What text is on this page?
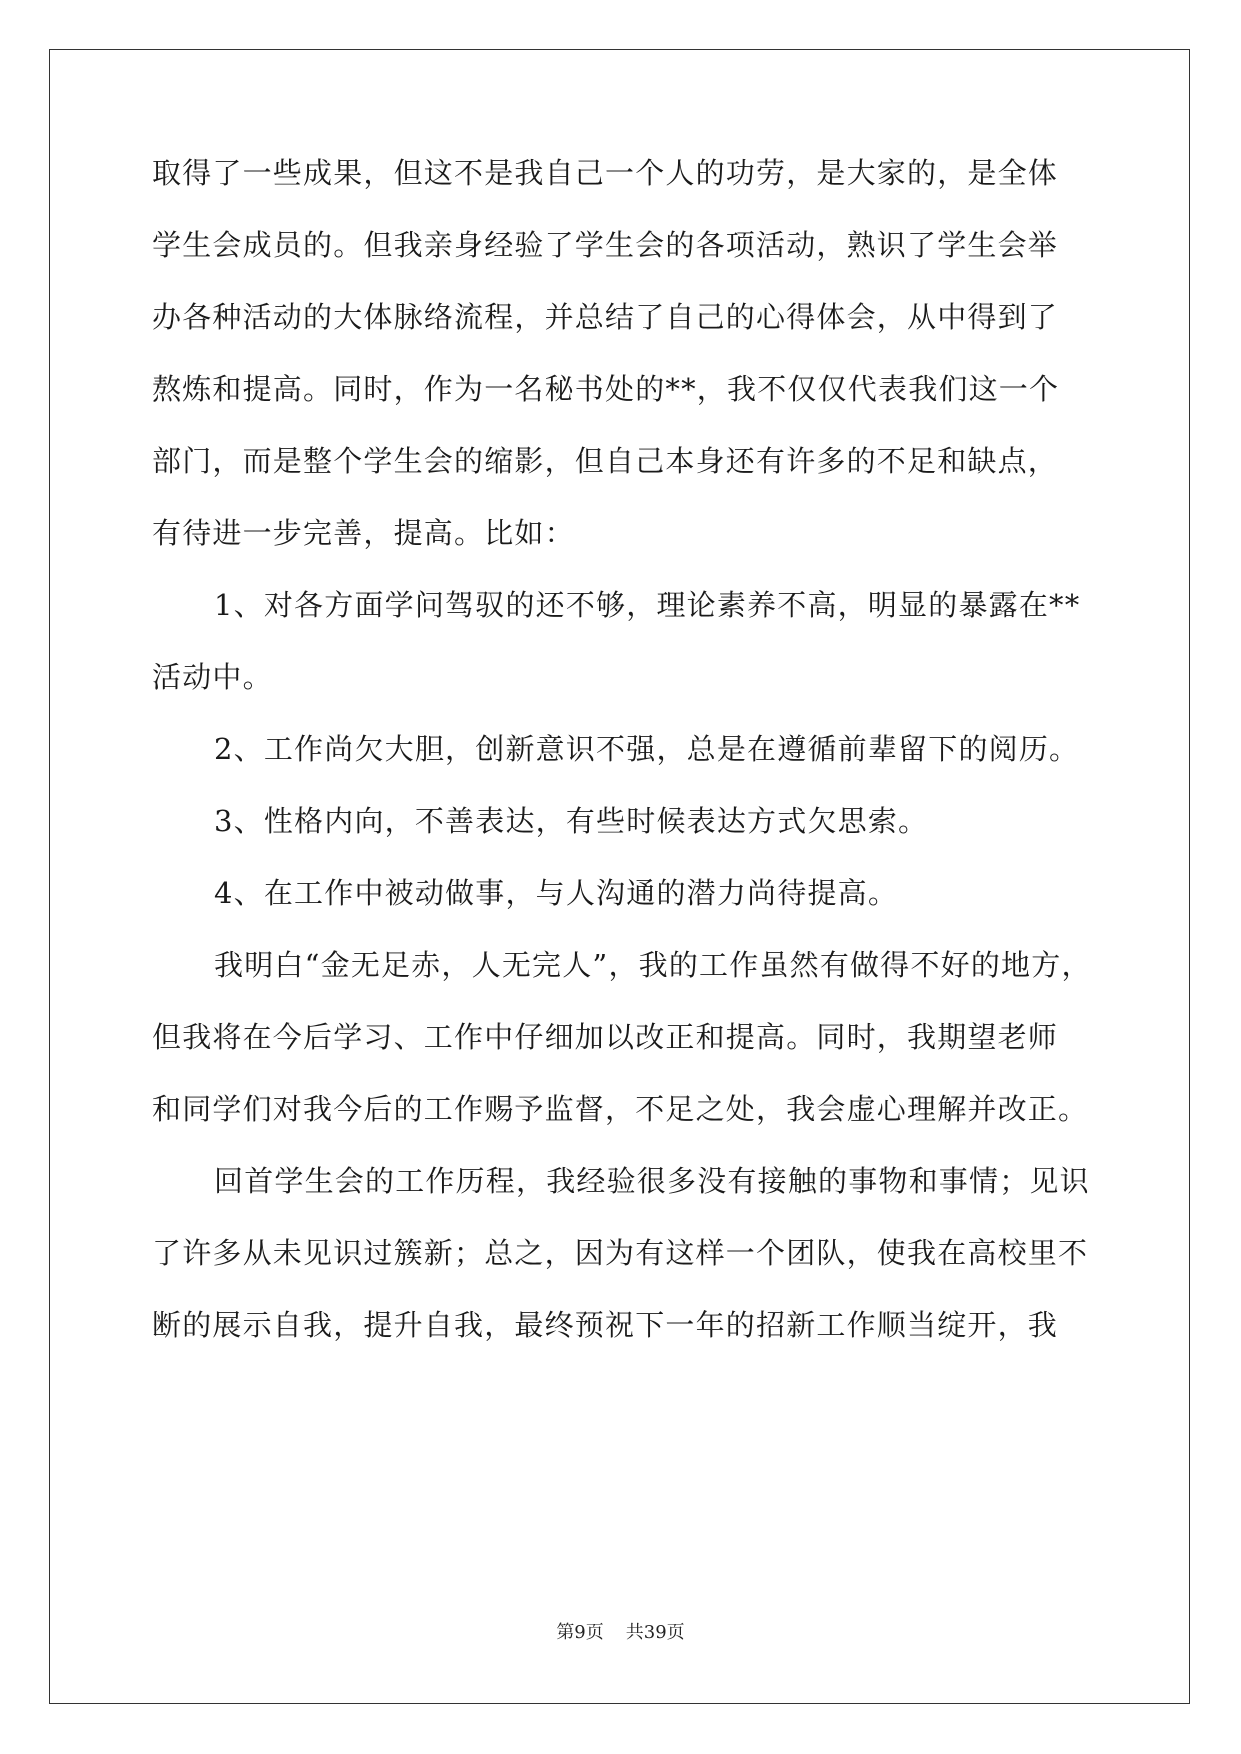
取得了一些成果，但这不是我自己一个人的功劳，是大家的，是全体
学生会成员的。但我亲身经验了学生会的各项活动，熟识了学生会举
办各种活动的大体脉络流程，并总结了自己的心得体会，从中得到了
熬炼和提高。同时，作为一名秘书处的**，我不仅仅代表我们这一个
部门，而是整个学生会的缩影，但自己本身还有许多的不足和缺点，
有待进一步完善，提高。比如：
1、对各方面学问驾驭的还不够，理论素养不高，明显的暴露在**
活动中。
2、工作尚欠大胆，创新意识不强，总是在遵循前辈留下的阅历。
3、性格内向，不善表达，有些时候表达方式欠思索。
4、在工作中被动做事，与人沟通的潜力尚待提高。
我明白“金无足赤，人无完人”，我的工作虽然有做得不好的地方，
但我将在今后学习、工作中仔细加以改正和提高。同时，我期望老师
和同学们对我今后的工作赐予监督，不足之处，我会虚心理解并改正。
回首学生会的工作历程，我经验很多没有接触的事物和事情；见识
了许多从未见识过簇新；总之，因为有这样一个团队，使我在高校里不
断的展示自我，提升自我，最终预祝下一年的招新工作顺当绽开，我
第9页 共39页
